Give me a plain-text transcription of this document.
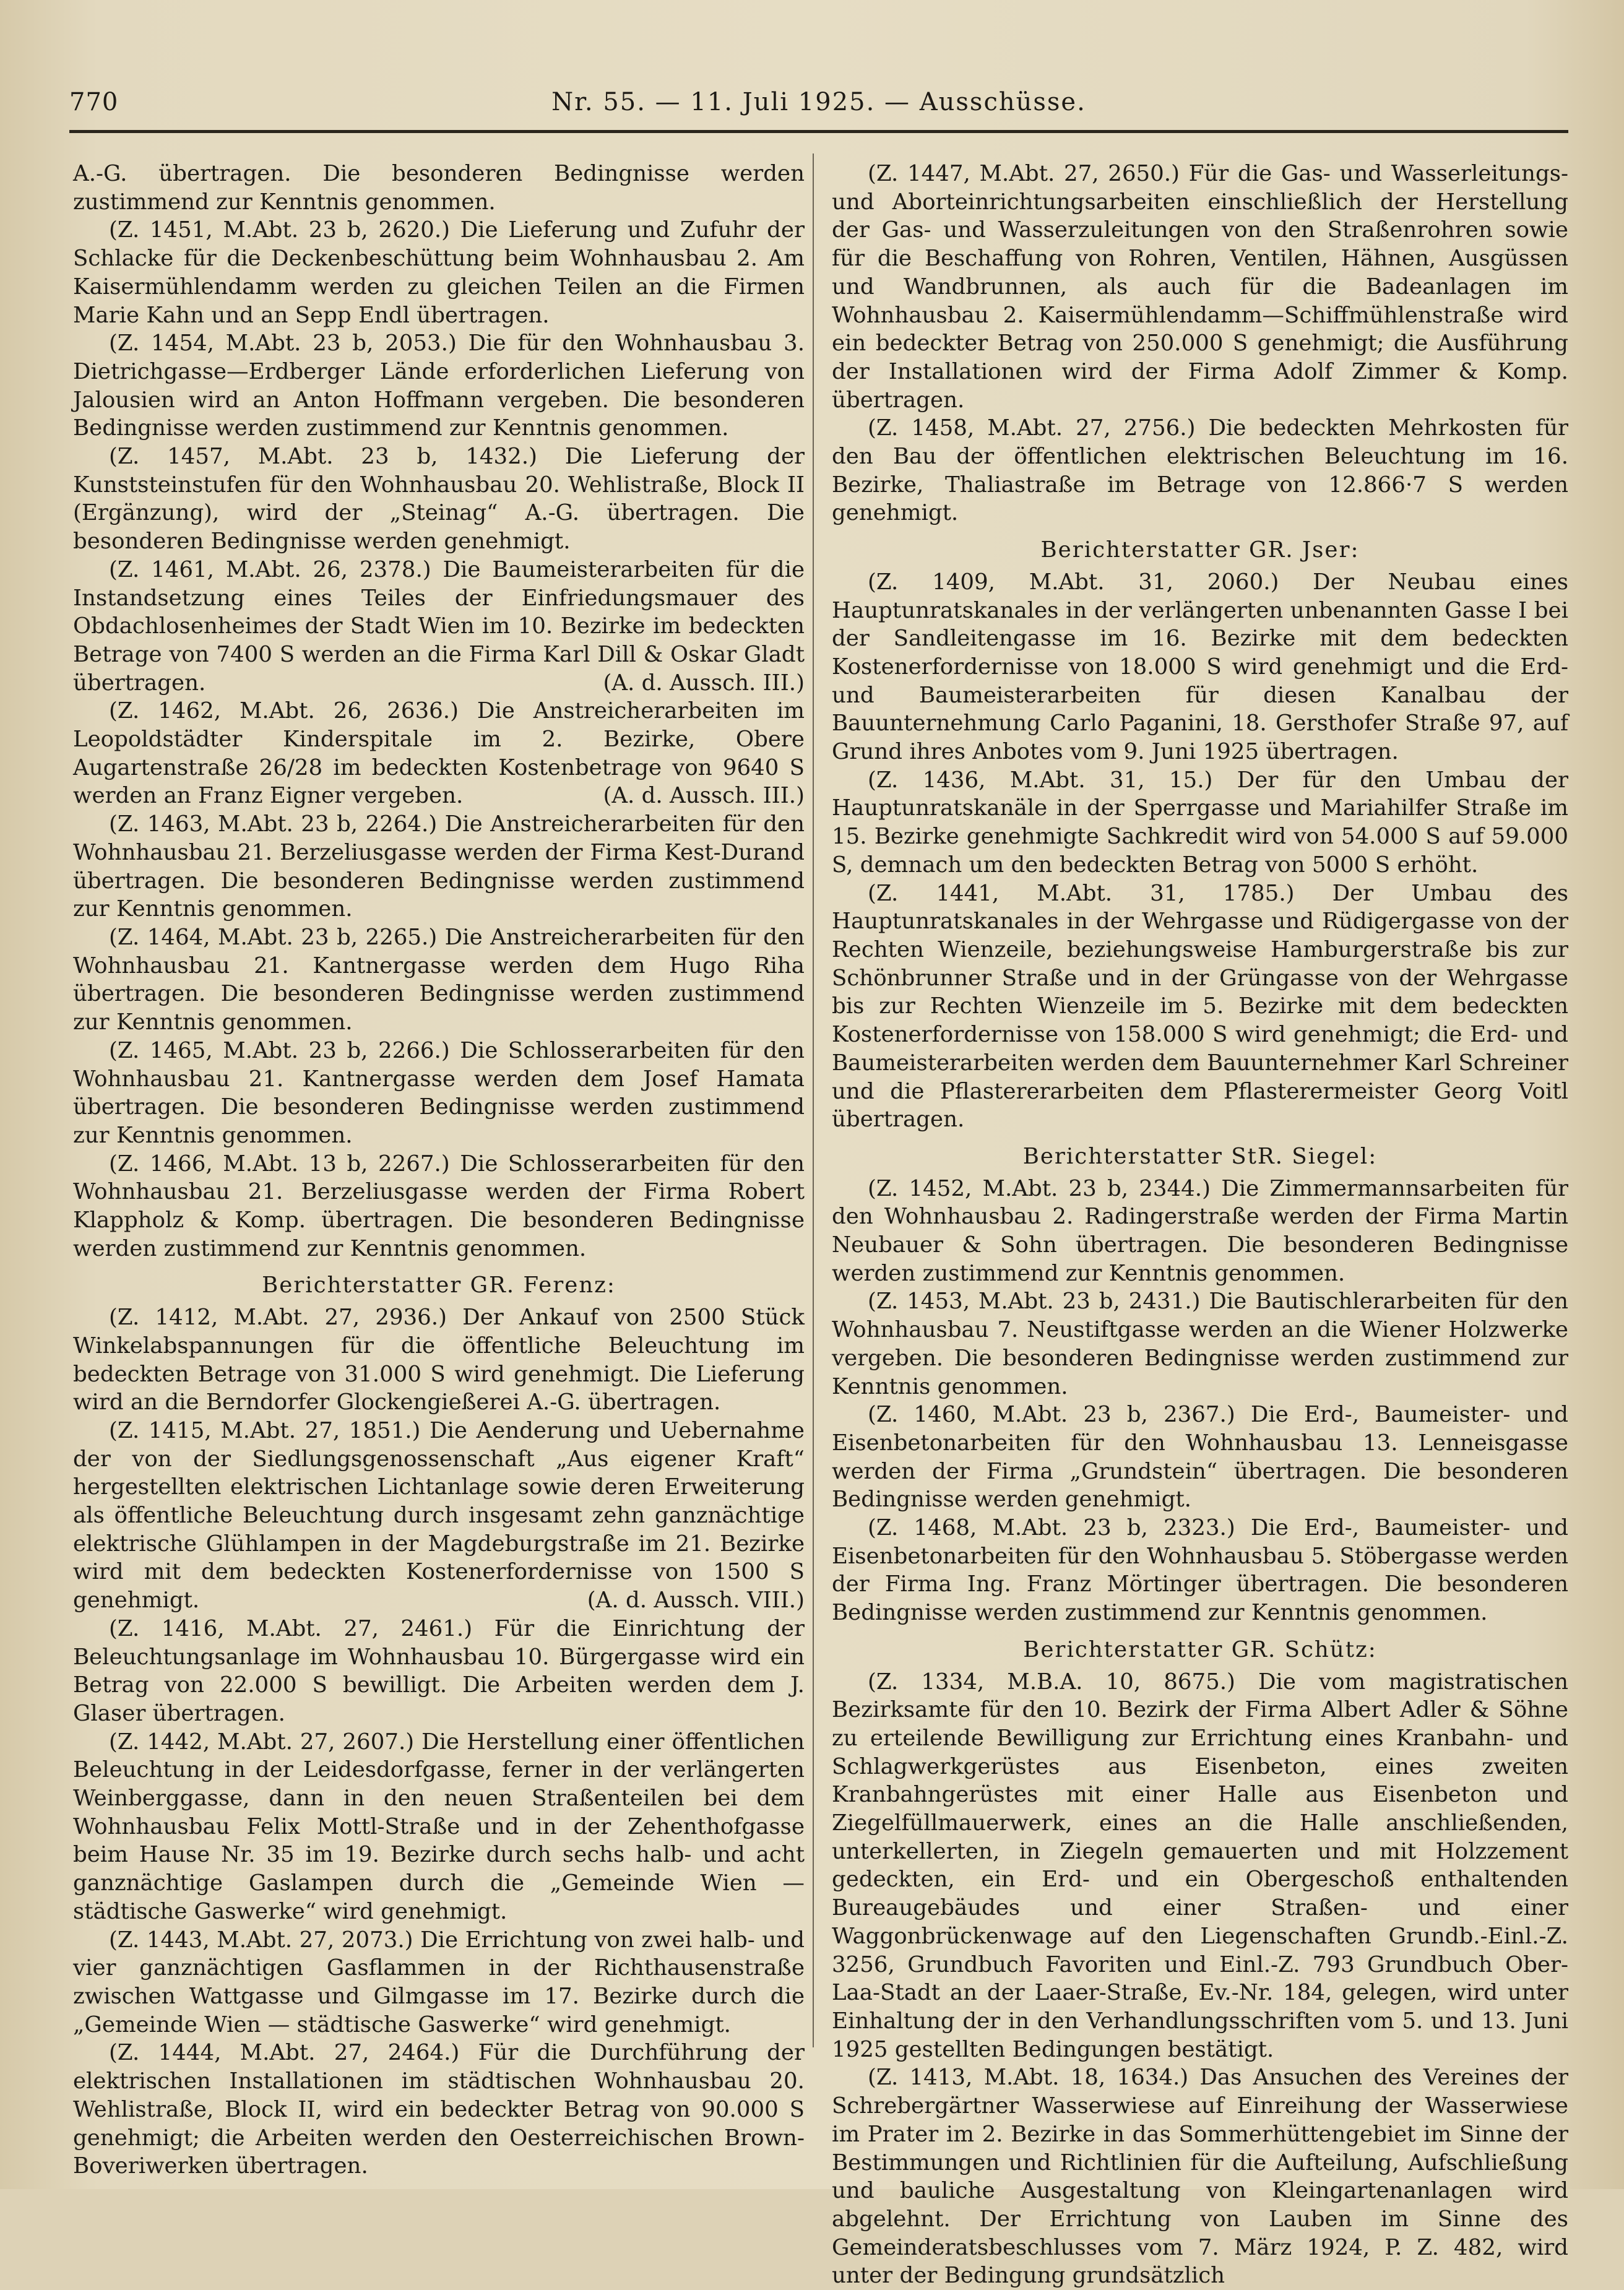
770	Nr. 55. — 11. Juli 1925. — Ausschüsse.

A.-G. übertragen. Die besonderen Bedingnisse werden zustimmend zur Kenntnis genommen.

(Z. 1451, M.Abt. 23 b, 2620.) Die Lieferung und Zufuhr der Schlacke für die Deckenbeschüttung beim Wohnhausbau 2. Am Kaisermühlendamm werden zu gleichen Teilen an die Firmen Marie Kahn und an Sepp Endl übertragen.

(Z. 1454, M.Abt. 23 b, 2053.) Die für den Wohnhausbau 3. Dietrichgasse—Erdberger Lände erforderlichen Lieferung von Jalousien wird an Anton Hoffmann vergeben. Die besonderen Bedingnisse werden zustimmend zur Kenntnis genommen.

(Z. 1457, M.Abt. 23 b, 1432.) Die Lieferung der Kunststeinstufen für den Wohnhausbau 20. Wehlistraße, Block II (Ergänzung), wird der „Steinag“ A.-G. übertragen. Die besonderen Bedingnisse werden genehmigt.

(Z. 1461, M.Abt. 26, 2378.) Die Baumeisterarbeiten für die Instandsetzung eines Teiles der Einfriedungsmauer des Obdachlosenheimes der Stadt Wien im 10. Bezirke im bedeckten Betrage von 7400 S werden an die Firma Karl Dill & Oskar Gladt übertragen.	(A. d. Aussch. III.)

(Z. 1462, M.Abt. 26, 2636.) Die Anstreicherarbeiten im Leopoldstädter Kinderspitale im 2. Bezirke, Obere Augartenstraße 26/28 im bedeckten Kostenbetrage von 9640 S werden an Franz Eigner vergeben.	(A. d. Aussch. III.)

(Z. 1463, M.Abt. 23 b, 2264.) Die Anstreicherarbeiten für den Wohnhausbau 21. Berzeliusgasse werden der Firma Kest-Durand übertragen. Die besonderen Bedingnisse werden zustimmend zur Kenntnis genommen.

(Z. 1464, M.Abt. 23 b, 2265.) Die Anstreicherarbeiten für den Wohnhausbau 21. Kantnergasse werden dem Hugo Riha übertragen. Die besonderen Bedingnisse werden zustimmend zur Kenntnis genommen.

(Z. 1465, M.Abt. 23 b, 2266.) Die Schlosserarbeiten für den Wohnhausbau 21. Kantnergasse werden dem Josef Hamata übertragen. Die besonderen Bedingnisse werden zustimmend zur Kenntnis genommen.

(Z. 1466, M.Abt. 13 b, 2267.) Die Schlosserarbeiten für den Wohnhausbau 21. Berzeliusgasse werden der Firma Robert Klappholz & Komp. übertragen. Die besonderen Bedingnisse werden zustimmend zur Kenntnis genommen.

Berichterstatter GR. Ferenz:

(Z. 1412, M.Abt. 27, 2936.) Der Ankauf von 2500 Stück Winkelabspannungen für die öffentliche Beleuchtung im bedeckten Betrage von 31.000 S wird genehmigt. Die Lieferung wird an die Berndorfer Glockengießerei A.-G. übertragen.

(Z. 1415, M.Abt. 27, 1851.) Die Aenderung und Uebernahme der von der Siedlungsgenossenschaft „Aus eigener Kraft“ hergestellten elektrischen Lichtanlage sowie deren Erweiterung als öffentliche Beleuchtung durch insgesamt zehn ganznächtige elektrische Glühlampen in der Magdeburgstraße im 21. Bezirke wird mit dem bedeckten Kostenerfordernisse von 1500 S genehmigt.	(A. d. Aussch. VIII.)

(Z. 1416, M.Abt. 27, 2461.) Für die Einrichtung der Beleuchtungsanlage im Wohnhausbau 10. Bürgergasse wird ein Betrag von 22.000 S bewilligt. Die Arbeiten werden dem J. Glaser übertragen.

(Z. 1442, M.Abt. 27, 2607.) Die Herstellung einer öffentlichen Beleuchtung in der Leidesdorfgasse, ferner in der verlängerten Weinberggasse, dann in den neuen Straßenteilen bei dem Wohnhausbau Felix Mottl-Straße und in der Zehenthofgasse beim Hause Nr. 35 im 19. Bezirke durch sechs halb- und acht ganznächtige Gaslampen durch die „Gemeinde Wien — städtische Gaswerke“ wird genehmigt.

(Z. 1443, M.Abt. 27, 2073.) Die Errichtung von zwei halb- und vier ganznächtigen Gasflammen in der Richthausenstraße zwischen Wattgasse und Gilmgasse im 17. Bezirke durch die „Gemeinde Wien — städtische Gaswerke“ wird genehmigt.

(Z. 1444, M.Abt. 27, 2464.) Für die Durchführung der elektrischen Installationen im städtischen Wohnhausbau 20. Wehlistraße, Block II, wird ein bedeckter Betrag von 90.000 S genehmigt; die Arbeiten werden den Oesterreichischen Brown-Boveriwerken übertragen.

(Z. 1447, M.Abt. 27, 2650.) Für die Gas- und Wasserleitungs- und Aborteinrichtungsarbeiten einschließlich der Herstellung der Gas- und Wasserzuleitungen von den Straßenrohren sowie für die Beschaffung von Rohren, Ventilen, Hähnen, Ausgüssen und Wandbrunnen, als auch für die Badeanlagen im Wohnhausbau 2. Kaisermühlendamm—Schiffmühlenstraße wird ein bedeckter Betrag von 250.000 S genehmigt; die Ausführung der Installationen wird der Firma Adolf Zimmer & Komp. übertragen.

(Z. 1458, M.Abt. 27, 2756.) Die bedeckten Mehrkosten für den Bau der öffentlichen elektrischen Beleuchtung im 16. Bezirke, Thaliastraße im Betrage von 12.866·7 S werden genehmigt.

Berichterstatter GR. Jser:

(Z. 1409, M.Abt. 31, 2060.) Der Neubau eines Hauptunratskanales in der verlängerten unbenannten Gasse I bei der Sandleitengasse im 16. Bezirke mit dem bedeckten Kostenerfordernisse von 18.000 S wird genehmigt und die Erd- und Baumeisterarbeiten für diesen Kanalbau der Bauunternehmung Carlo Paganini, 18. Gersthofer Straße 97, auf Grund ihres Anbotes vom 9. Juni 1925 übertragen.

(Z. 1436, M.Abt. 31, 15.) Der für den Umbau der Hauptunratskanäle in der Sperrgasse und Mariahilfer Straße im 15. Bezirke genehmigte Sachkredit wird von 54.000 S auf 59.000 S, demnach um den bedeckten Betrag von 5000 S erhöht.

(Z. 1441, M.Abt. 31, 1785.) Der Umbau des Hauptunratskanales in der Wehrgasse und Rüdigergasse von der Rechten Wienzeile, beziehungsweise Hamburgerstraße bis zur Schönbrunner Straße und in der Grüngasse von der Wehrgasse bis zur Rechten Wienzeile im 5. Bezirke mit dem bedeckten Kostenerfordernisse von 158.000 S wird genehmigt; die Erd- und Baumeisterarbeiten werden dem Bauunternehmer Karl Schreiner und die Pflastererarbeiten dem Pflasterermeister Georg Voitl übertragen.

Berichterstatter StR. Siegel:

(Z. 1452, M.Abt. 23 b, 2344.) Die Zimmermannsarbeiten für den Wohnhausbau 2. Radingerstraße werden der Firma Martin Neubauer & Sohn übertragen. Die besonderen Bedingnisse werden zustimmend zur Kenntnis genommen.

(Z. 1453, M.Abt. 23 b, 2431.) Die Bautischlerarbeiten für den Wohnhausbau 7. Neustiftgasse werden an die Wiener Holzwerke vergeben. Die besonderen Bedingnisse werden zustimmend zur Kenntnis genommen.

(Z. 1460, M.Abt. 23 b, 2367.) Die Erd-, Baumeister- und Eisenbetonarbeiten für den Wohnhausbau 13. Lenneisgasse werden der Firma „Grundstein“ übertragen. Die besonderen Bedingnisse werden genehmigt.

(Z. 1468, M.Abt. 23 b, 2323.) Die Erd-, Baumeister- und Eisenbetonarbeiten für den Wohnhausbau 5. Stöbergasse werden der Firma Ing. Franz Mörtinger übertragen. Die besonderen Bedingnisse werden zustimmend zur Kenntnis genommen.

Berichterstatter GR. Schütz:

(Z. 1334, M.B.A. 10, 8675.) Die vom magistratischen Bezirksamte für den 10. Bezirk der Firma Albert Adler & Söhne zu erteilende Bewilligung zur Errichtung eines Kranbahn- und Schlagwerkgerüstes aus Eisenbeton, eines zweiten Kranbahngerüstes mit einer Halle aus Eisenbeton und Ziegelfüllmauerwerk, eines an die Halle anschließenden, unterkellerten, in Ziegeln gemauerten und mit Holzzement gedeckten, ein Erd- und ein Obergeschoß enthaltenden Bureaugebäudes und einer Straßen- und einer Waggonbrückenwage auf den Liegenschaften Grundb.-Einl.-Z. 3256, Grundbuch Favoriten und Einl.-Z. 793 Grundbuch Ober-Laa-Stadt an der Laaer-Straße, Ev.-Nr. 184, gelegen, wird unter Einhaltung der in den Verhandlungsschriften vom 5. und 13. Juni 1925 gestellten Bedingungen bestätigt.

(Z. 1413, M.Abt. 18, 1634.) Das Ansuchen des Vereines der Schrebergärtner Wasserwiese auf Einreihung der Wasserwiese im Prater im 2. Bezirke in das Sommerhüttengebiet im Sinne der Bestimmungen und Richtlinien für die Aufteilung, Aufschließung und bauliche Ausgestaltung von Kleingartenanlagen wird abgelehnt. Der Errichtung von Lauben im Sinne des Gemeinderatsbeschlusses vom 7. März 1924, P. Z. 482, wird unter der Bedingung grundsätzlich
